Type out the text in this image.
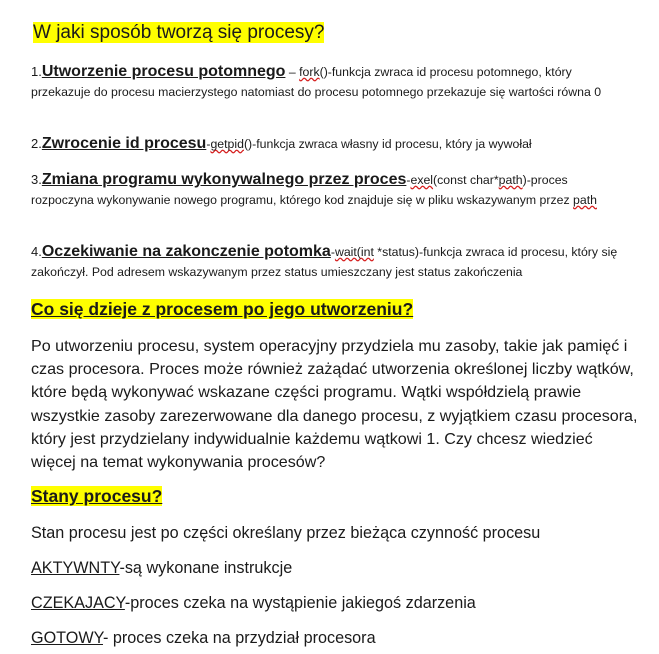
W jaki sposób tworzą się procesy?
1.Utworzenie procesu potomnego – fork()-funkcja zwraca id procesu potomnego, który przekazuje do procesu macierzystego natomiast do procesu potomnego przekazuje się wartości równa 0
2.Zwrocenie id procesu-getpid()-funkcja zwraca własny id procesu, który ja wywołał
3.Zmiana programu wykonywalnego przez proces-exel(const char*path)-proces rozpoczyna wykonywanie nowego programu, którego kod znajduje się w pliku wskazywanym przez path
4.Oczekiwanie na zakonczenie potomka-wait(int *status)-funkcja zwraca id procesu, który się zakończył. Pod adresem wskazywanym przez status umieszczany jest status zakończenia
Co się dzieje z procesem po jego utworzeniu?
Po utworzeniu procesu, system operacyjny przydziela mu zasoby, takie jak pamięć i czas procesora. Proces może również zażądać utworzenia określonej liczby wątków, które będą wykonywać wskazane części programu. Wątki współdzielą prawie wszystkie zasoby zarezerwowane dla danego procesu, z wyjątkiem czasu procesora, który jest przydzielany indywidualnie każdemu wątkowi 1. Czy chcesz wiedzieć więcej na temat wykonywania procesów?
Stany procesu?
Stan procesu jest po części określany przez bieżąca czynność procesu
AKTYWNTY-są wykonane instrukcje
CZEKAJACY-proces czeka na wystąpienie jakiegoś zdarzenia
GOTOWY- proces czeka na przydział procesora
